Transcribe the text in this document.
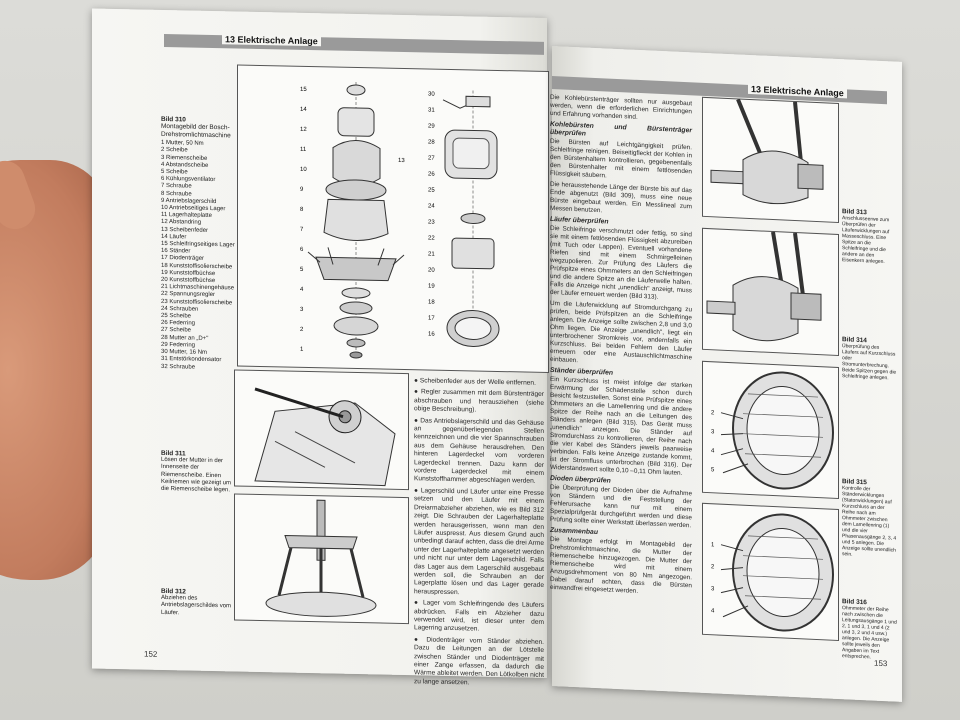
13 Elektrische Anlage
Bild 310
Montagebild der Bosch-Drehstromlichtmaschine
1 Mutter, 50 Nm
2 Scheibe
3 Riemenscheibe
4 Abstandscheibe
5 Scheibe
6 Kühlungsventilator
7 Schraube
8 Schraube
9 Antriebslagerschild
10 Antriebseitiges Lager
11 Lagerhalteplatte
12 Abstandring
13 Scheibenfeder
14 Läufer
15 Schleifringseitiges Lager
16 Ständer
17 Diodenträger
18 Kunststoffisolierscheibe
19 Kunststoffbüchse
20 Kunststoffbüchse
21 Lichtmaschinengehäuse
22 Spannungsregler
23 Kunststoffisolierscheibe
24 Schrauben
25 Scheibe
26 Federring
27 Scheibe
28 Mutter an „D+"
29 Federring
30 Mutter, 16 Nm
31 Entstörkondensator
32 Schraube
15
14
12
11
10
9
8
7
6
5
4
3
2
1
30
31
29
28
27
26
25
24
23
22
21
20
19
18
17
16
13
Bild 311
Lösen der Mutter in der Innenseite der Riemenscheibe. Einen Keilriemen wie gezeigt um die Riemenscheibe legen.
Bild 312
Abziehen des Antriebslagerschildes vom Läufer.

● Scheibenfeder aus der Welle entfernen.

● Regler zusammen mit dem Bürstenträger abschrauben und herausziehen (siehe obige Beschreibung).

● Das Antriebslagerschild und das Gehäuse an gegenüberliegenden Stellen kennzeichnen und die vier Spannschrauben aus dem Gehäuse herausdrehen. Den hinteren Lagerdeckel vom vorderen Lagerdeckel trennen. Dazu kann der vordere Lagerdeckel mit einem Kunststoffhammer abgeschlagen werden.

● Lagerschild und Läufer unter eine Presse setzen und den Läufer mit einem Dreiarmabzieher abziehen, wie es Bild 312 zeigt. Die Schrauben der Lagerhalteplatte werden herausgerissen, wenn man den Läufer auspresst. Aus diesem Grund auch unbedingt darauf achten, dass die drei Arme unter der Lagerhalteplatte angesetzt werden und nicht nur unter dem Lagerschild. Falls das Lager aus dem Lagerschild ausgebaut werden soll, die Schrauben an der Lagerplatte lösen und das Lager gerade herauspressen.

● Lager vom Schleifringende des Läufers abdrücken. Falls ein Abzieher dazu verwendet wird, ist dieser unter dem Lagerring anzusetzen.

● Diodenträger vom Ständer abziehen. Dazu die Leitungen an der Lötstelle zwischen Ständer und Diodenträger mit einer Zange erfassen, da dadurch die Wärme ableitet werden. Den Lötkolben nicht zu lange ansetzen.

152
13 Elektrische Anlage

Die Kohlebürstenträger sollten nur ausgebaut werden, wenn die erforderlichen Einrichtungen und Erfahrung vorhanden sind.

Kohlebürsten und Bürstenträger überprüfen

Die Bürsten auf Leichtgängigkeit prüfen. Schleifringe reinigen. Beiseitigfleckt der Kohlen in den Bürstenhaltern kontrollieren, gegebenenfalls den Bürstenhalter mit einem fettlösenden Flüssigkeit säubern.

Die herausstehende Länge der Bürste bis auf das Ende abgenutzt (Bild 309), muss eine neue Bürste eingebaut werden. Ein Messlineal zum Messen benutzen.

Läufer überprüfen

Die Schleifringe verschmutzt oder fettig, so sind sie mit einem fettlösenden Flüssigkeit abzureiben (mit Tuch oder Lappen). Eventuell vorhandene Riefen sind mit einem Schmirgelleinen wegzupolieren. Zur Prüfung des Läufers die Prüfspitze eines Ohmmeters an den Schleifringen und die andere Spitze an die Läuferwelle halten. Falls die Anzeige nicht „unendlich" anzeigt, muss der Läufer erneuert werden (Bild 313).

Um die Läuferwicklung auf Stromdurchgang zu prüfen, beide Prüfspitzen an die Schleifringe anlegen. Die Anzeige sollte zwischen 2,8 und 3,0 Ohm liegen. Die Anzeige „unendlich", liegt ein unterbrochener Stromkreis vor, andernfalls ein Kurzschluss. Bei beiden Fehlern den Läufer erneuern oder eine Austauschlichtmaschine einbauen.

Ständer überprüfen

Ein Kurzschluss ist meist infolge der starken Erwärmung der Schadenstelle schon durch Besicht festzustellen. Sonst eine Prüfspitze eines Ohmmeters an die Lamellenring und die andere Spitze der Reihe nach an die Leitungen des Ständers anlegen (Bild 315). Das Gerät muss „unendlich" anzeigen. Die Ständer auf Stromdurchlass zu kontrollieren, der Reihe nach die vier Kabel des Ständers jeweils paarweise verbinden. Falls keine Anzeige zustande kommt, ist der Stromfluss unterbrochen (Bild 316). Der Widerstandswert sollte 0,10 –0,11 Ohm lauten.

Dioden überprüfen

Die Überprüfung der Dioden über die Aufnahme von Ständern und die Feststellung der Fehlerursache kann nur mit einem Spezialprüfgerät durchgeführt werden und diese Prüfung sollte einer Werkstatt überlassen werden.

Zusammenbau

Die Montage erfolgt im Montagebild der Drehstromlichtmaschine, die Mutter der Riemenscheibe hinzugezogen. Die Mutter der Riemenscheibe wird mit einem Anzugsdrehmoment von 80 Nm angezogen. Dabei darauf achten, dass die Bürsten einwandfrei eingesetzt werden.

Bild 313
Anschlusseerwe zum Überprüfen der Läuferwicklungen auf Masseschluss. Eine Spitze an die Schleifringe und die andere an den Eisenkern anlegen.
Bild 314
Überprüfung des Läufers auf Kurzschluss oder Stromunterbrechung. Beide Spitzen gegen die Schleifringe anlegen.
2
3
4
5
Bild 315
Kontrolle der Ständerwicklungen (Statorwicklungen) auf Kurzschluss an der Reihe nach am Ohmmeter zwischen dem Lamellenring (1) und die vier Phasenausgänge 2, 3, 4 und 5 anlegen. Die Anzeige sollte unendlich sein.
1
2
3
4
Bild 316
Ohmmeter der Reihe nach zwischen die Leitungsausgänge 1 und 2, 1 und 3, 1 und 4 (2 und 3, 2 und 4 usw.) anlegen. Die Anzeige sollte jeweils den Angaben im Text entsprechen.
153
